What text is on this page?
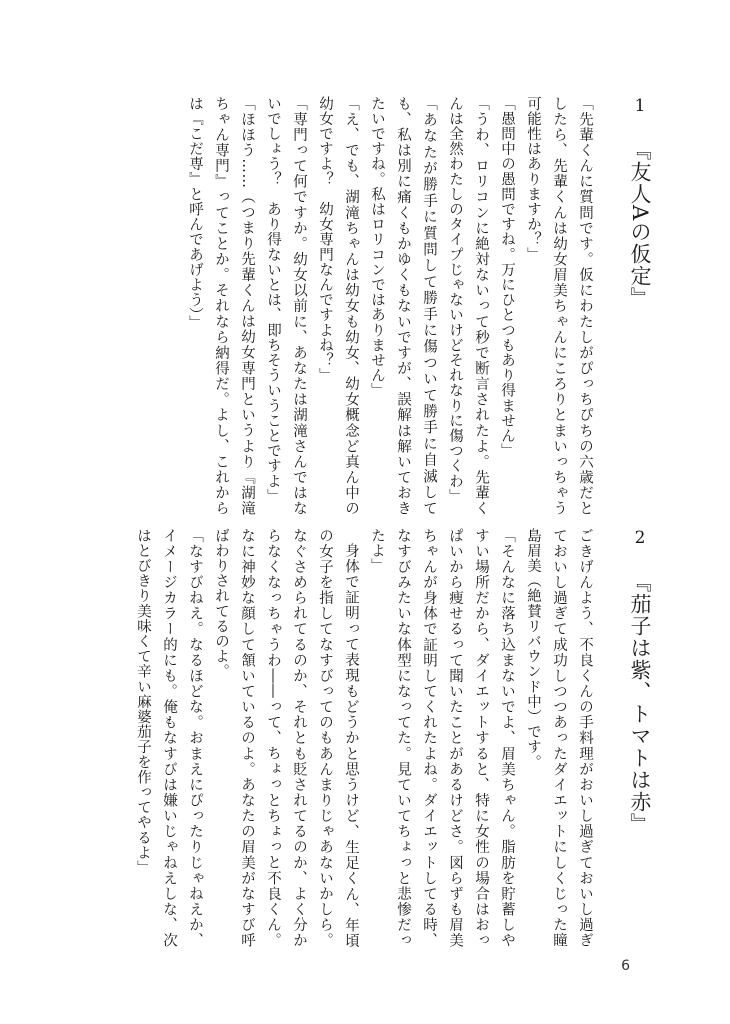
1『友人Aの仮定』

「先輩くんに質問です。仮にわたしがぴっちぴちの六歳だとしたら、先輩くんは幼女眉美ちゃんにころりとまいっちゃう可能性はありますか？」

「愚問中の愚問ですね。万にひとつもあり得ません」

「うわ、ロリコンに絶対ないって秒で断言されたよ。先輩くんは全然わたしのタイプじゃないけどそれなりに傷つくわ」

「あなたが勝手に質問して勝手に傷ついて勝手に自滅しても、私は別に痛くもかゆくもないですが、誤解は解いておきたいですね。私はロリコンではありません」

「え、でも、湖滝ちゃんは幼女も幼女、幼女概念ど真ん中の幼女ですよ？　幼女専門なんですよね？」

「専門って何ですか。幼女以前に、あなたは湖滝さんではないでしょう？　あり得ないとは、即ちそういうことですよ」

「ほほう……（つまり先輩くんは幼女専門というより『湖滝ちゃん専門』ってことか。それなら納得だ。よし、これからは『こだ専』と呼んであげよう）」

2『茄子は紫、トマトは赤』

ごきげんよう、不良くんの手料理がおいし過ぎておいし過ぎておいし過ぎて成功しつつあったダイエットにしくじった瞳島眉美（絶賛リバウンド中）です。

「そんなに落ち込まないでよ、眉美ちゃん。脂肪を貯蓄しやすい場所だから、ダイエットすると、特に女性の場合はおっぱいから痩せるって聞いたことがあるけどさ。図らずも眉美ちゃんが身体で証明してくれたよね。ダイエットしてる時、なすびみたいな体型になってた。見ていてちょっと悲惨だったよ」

身体で証明って表現もどうかと思うけど、生足くん、年頃の女子を指してなすびってのもあんまりじゃあないかしら。なぐさめられてるのか、それとも貶されてるのか、よく分からなくなっちゃうわ――って、ちょっとちょっと不良くん。なに神妙な顔して頷いているのよ。あなたの眉美がなすび呼ばわりされてるのよ。

「なすびねえ。なるほどな。おまえにぴったりじゃねえか、イメージカラー的にも。俺もなすびは嫌いじゃねえしな、次はとびきり美味くて辛い麻婆茄子を作ってやるよ」

6
